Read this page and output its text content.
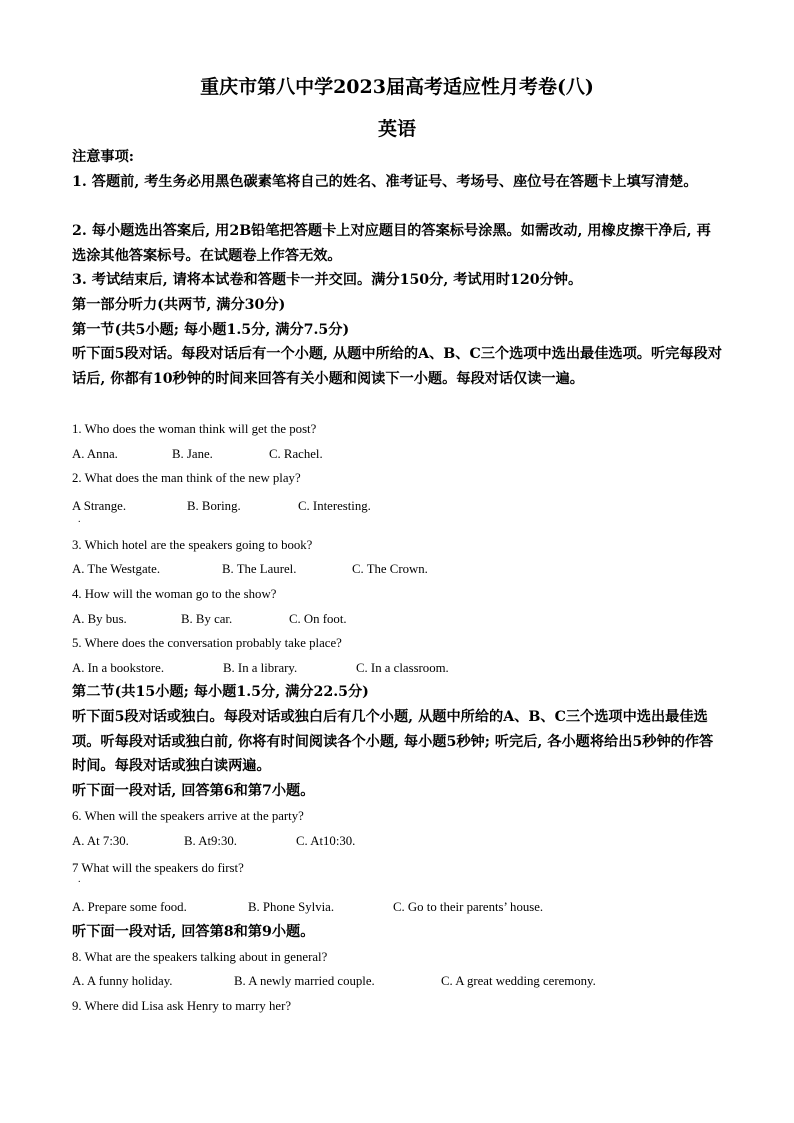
重庆市第八中学2023届高考适应性月考卷(八)
英语
注意事项:
1. 答题前, 考生务必用黑色碳素笔将自己的姓名、准考证号、考场号、座位号在答题卡上填写清楚。
2. 每小题选出答案后, 用2B铅笔把答题卡上对应题目的答案标号涂黑。如需改动, 用橡皮擦干净后, 再选涂其他答案标号。在试题卷上作答无效。
3. 考试结束后, 请将本试卷和答题卡一并交回。满分150分, 考试用时120分钟。
第一部分听力(共两节, 满分30分)
第一节(共5小题; 每小题1.5分, 满分7.5分)
听下面5段对话。每段对话后有一个小题, 从题中所给的A、B、C三个选项中选出最佳选项。听完每段对话后, 你都有10秒钟的时间来回答有关小题和阅读下一小题。每段对话仅读一遍。
1. Who does the woman think will get the post?
A. Anna.	B. Jane.	C. Rachel.
2. What does the man think of the new play?
A Strange.	B. Boring.	C. Interesting.
.
3. Which hotel are the speakers going to book?
A. The Westgate.	B. The Laurel.	C. The Crown.
4. How will the woman go to the show?
A. By bus.	B. By car.	C. On foot.
5. Where does the conversation probably take place?
A. In a bookstore.	B. In a library.	C. In a classroom.
第二节(共15小题; 每小题1.5分, 满分22.5分)
听下面5段对话或独白。每段对话或独白后有几个小题, 从题中所给的A、B、C三个选项中选出最佳选项。听每段对话或独白前, 你将有时间阅读各个小题, 每小题5秒钟; 听完后, 各小题将给出5秒钟的作答时间。每段对话或独白读两遍。
听下面一段对话, 回答第6和第7小题。
6. When will the speakers arrive at the party?
A. At 7:30.	B. At9:30.	C. At10:30.
7 What will the speakers do first?
.
A. Prepare some food.	B. Phone Sylvia.	C. Go to their parents’ house.
听下面一段对话, 回答第8和第9小题。
8. What are the speakers talking about in general?
A. A funny holiday.	B. A newly married couple.	C. A great wedding ceremony.
9. Where did Lisa ask Henry to marry her?
